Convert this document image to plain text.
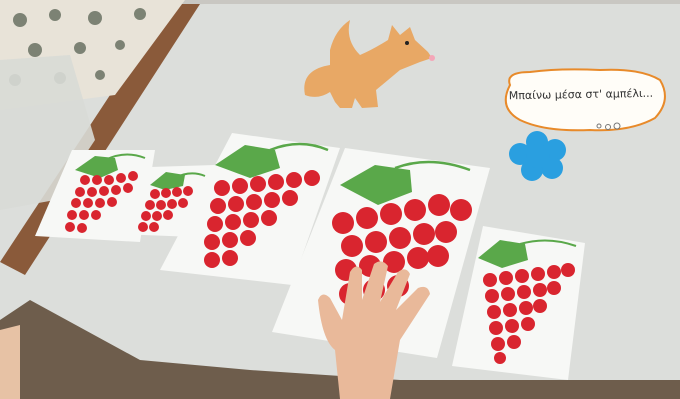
Μπαίνω μέσα στ' αμπέλι...
